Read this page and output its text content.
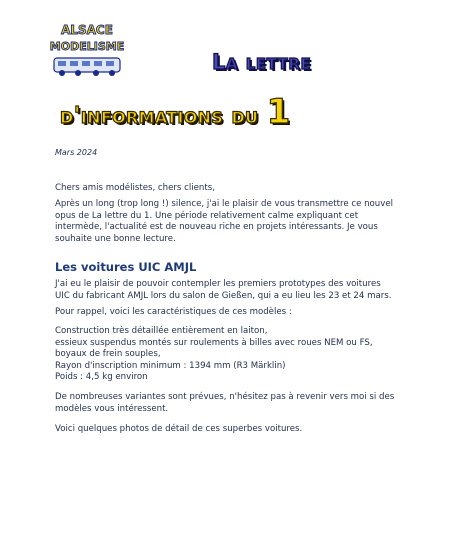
ALSACE
MODELISME
La lettre
d'informations du 1
Mars 2024
Chers amis modélistes, chers clients,
Après un long (trop long !) silence, j'ai le plaisir de vous transmettre ce nouvel opus de La lettre du 1. Une période relativement calme expliquant cet intermède, l'actualité est de nouveau riche en projets intéressants. Je vous souhaite une bonne lecture.
Les voitures UIC AMJL
J'ai eu le plaisir de pouvoir contempler les premiers prototypes des voitures UIC du fabricant AMJL lors du salon de Gießen, qui a eu lieu les 23 et 24 mars.
Pour rappel, voici les caractéristiques de ces modèles :
Construction très détaillée entièrement en laiton,
essieux suspendus montés sur roulements à billes avec roues NEM ou FS,
boyaux de frein souples,
Rayon d'inscription minimum : 1394 mm (R3 Märklin)
Poids : 4,5 kg environ
De nombreuses variantes sont prévues, n'hésitez pas à revenir vers moi si des modèles vous intéressent.
Voici quelques photos de détail de ces superbes voitures.
